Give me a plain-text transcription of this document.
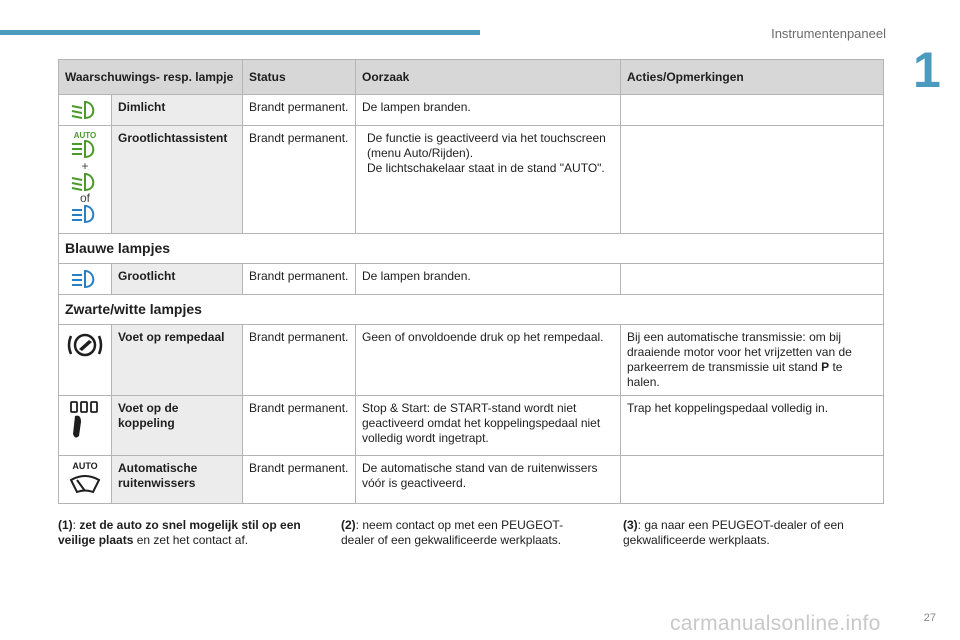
Instrumentenpaneel
1
Waarschuwings- resp. lampje		Status	Oorzaak	Acties/Opmerkingen

	Dimlicht	Brandt permanent.	De lampen branden.	

AUTO
+
of	Grootlichtassistent	Brandt permanent.	De functie is geactiveerd via het touchscreen (menu Auto/Rijden).
De lichtschakelaar staat in de stand "AUTO".	

Blauwe lampjes				

	Grootlicht	Brandt permanent.	De lampen branden.	
Zwarte/witte lampjes				

	Voet op rempedaal	Brandt permanent.	Geen of onvoldoende druk op het rempedaal.	Bij een automatische transmissie: om bij draaiende motor voor het vrijzetten van de parkeerrem de transmissie uit stand P te halen.

	Voet op de koppeling	Brandt permanent.	Stop & Start: de START-stand wordt niet geactiveerd omdat het koppelingspedaal niet volledig wordt ingetrapt.	Trap het koppelingspedaal volledig in.

AUTO	Automatische ruitenwissers	Brandt permanent.	De automatische stand van de ruitenwissers vóór is geactiveerd.	
(1): zet de auto zo snel mogelijk stil op een veilige plaats en zet het contact af.
(2): neem contact op met een PEUGEOT-dealer of een gekwalificeerde werkplaats.
(3): ga naar een PEUGEOT-dealer of een gekwalificeerde werkplaats.
27
carmanualsonline.info
